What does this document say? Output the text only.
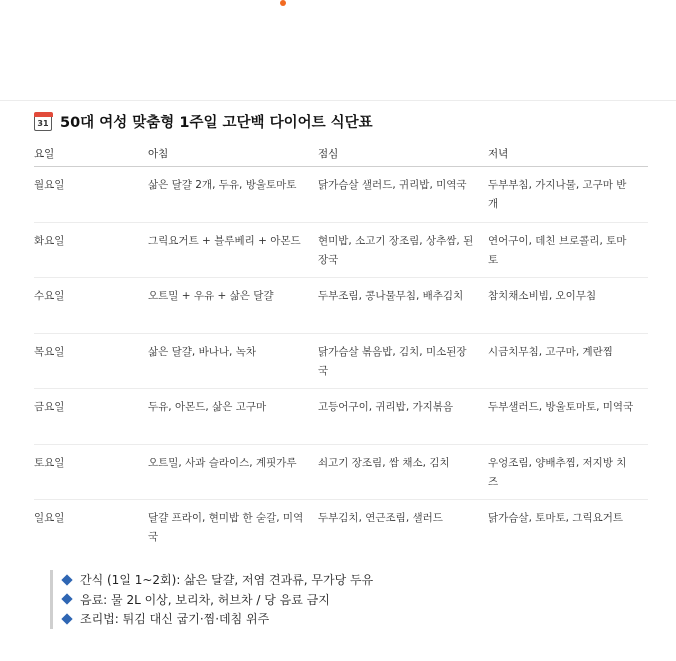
31 50대 여성 맞춤형 1주일 고단백 다이어트 식단표
요일	아침	점심	저녁
월요일	삶은 달걀 2개, 두유, 방울토마토	닭가슴살 샐러드, 귀리밥, 미역국	두부부침, 가지나물, 고구마 반 개
화요일	그릭요거트 + 블루베리 + 아몬드	현미밥, 소고기 장조림, 상추쌈, 된장국	연어구이, 데친 브로콜리, 토마토
수요일	오트밀 + 우유 + 삶은 달걀	두부조림, 콩나물무침, 배추김치	참치채소비빔, 오이무침
목요일	삶은 달걀, 바나나, 녹차	닭가슴살 볶음밥, 김치, 미소된장국	시금치무침, 고구마, 계란찜
금요일	두유, 아몬드, 삶은 고구마	고등어구이, 귀리밥, 가지볶음	두부샐러드, 방울토마토, 미역국
토요일	오트밀, 사과 슬라이스, 계핏가루	쇠고기 장조림, 쌈 채소, 김치	우엉조림, 양배추찜, 저지방 치즈
일요일	달걀 프라이, 현미밥 한 숟갈, 미역국	두부김치, 연근조림, 샐러드	닭가슴살, 토마토, 그릭요거트
간식 (1일 1~2회): 삶은 달걀, 저염 견과류, 무가당 두유
음료: 물 2L 이상, 보리차, 허브차 / 당 음료 금지
조리법: 튀김 대신 굽기·찜·데침 위주
